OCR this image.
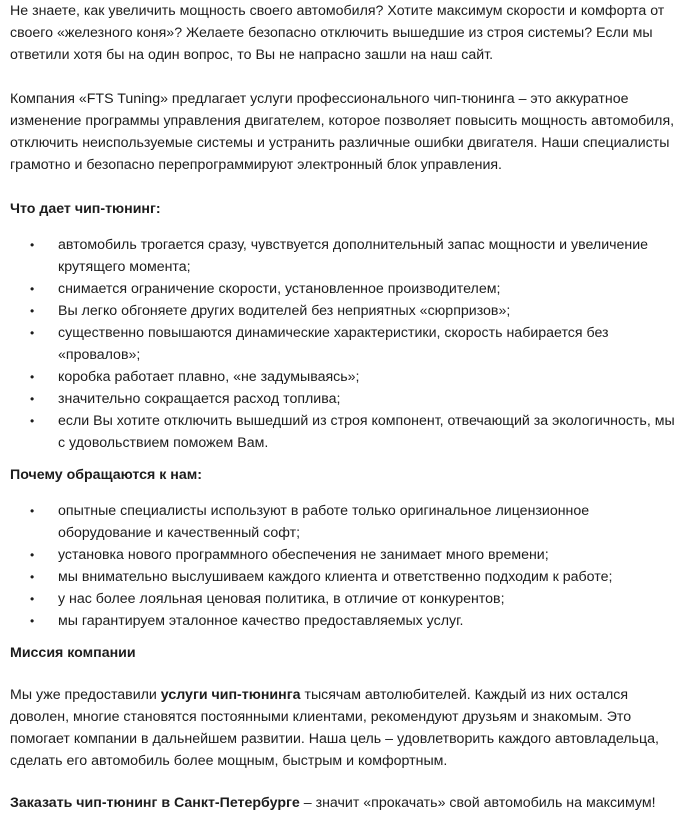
Не знаете, как увеличить мощность своего автомобиля? Хотите максимум скорости и комфорта от своего «железного коня»? Желаете безопасно отключить вышедшие из строя системы? Если мы ответили хотя бы на один вопрос, то Вы не напрасно зашли на наш сайт.

Компания «FTS Tuning» предлагает услуги профессионального чип-тюнинга – это аккуратное изменение программы управления двигателем, которое позволяет повысить мощность автомобиля, отключить неиспользуемые системы и устранить различные ошибки двигателя. Наши специалисты грамотно и безопасно перепрограммируют электронный блок управления.

Что дает чип-тюнинг:

• автомобиль трогается сразу, чувствуется дополнительный запас мощности и увеличение крутящего момента;
• снимается ограничение скорости, установленное производителем;
• Вы легко обгоняете других водителей без неприятных «сюрпризов»;
• существенно повышаются динамические характеристики, скорость набирается без «провалов»;
• коробка работает плавно, «не задумываясь»;
• значительно сокращается расход топлива;
• если Вы хотите отключить вышедший из строя компонент, отвечающий за экологичность, мы с удовольствием поможем Вам.

Почему обращаются к нам:

• опытные специалисты используют в работе только оригинальное лицензионное оборудование и качественный софт;
• установка нового программного обеспечения не занимает много времени;
• мы внимательно выслушиваем каждого клиента и ответственно подходим к работе;
• у нас более лояльная ценовая политика, в отличие от конкурентов;
• мы гарантируем эталонное качество предоставляемых услуг.

Миссия компании

Мы уже предоставили услуги чип-тюнинга тысячам автолюбителей. Каждый из них остался доволен, многие становятся постоянными клиентами, рекомендуют друзьям и знакомым. Это помогает компании в дальнейшем развитии. Наша цель – удовлетворить каждого автовладельца, сделать его автомобиль более мощным, быстрым и комфортным.

Заказать чип-тюнинг в Санкт-Петербурге – значит «прокачать» свой автомобиль на максимум!
